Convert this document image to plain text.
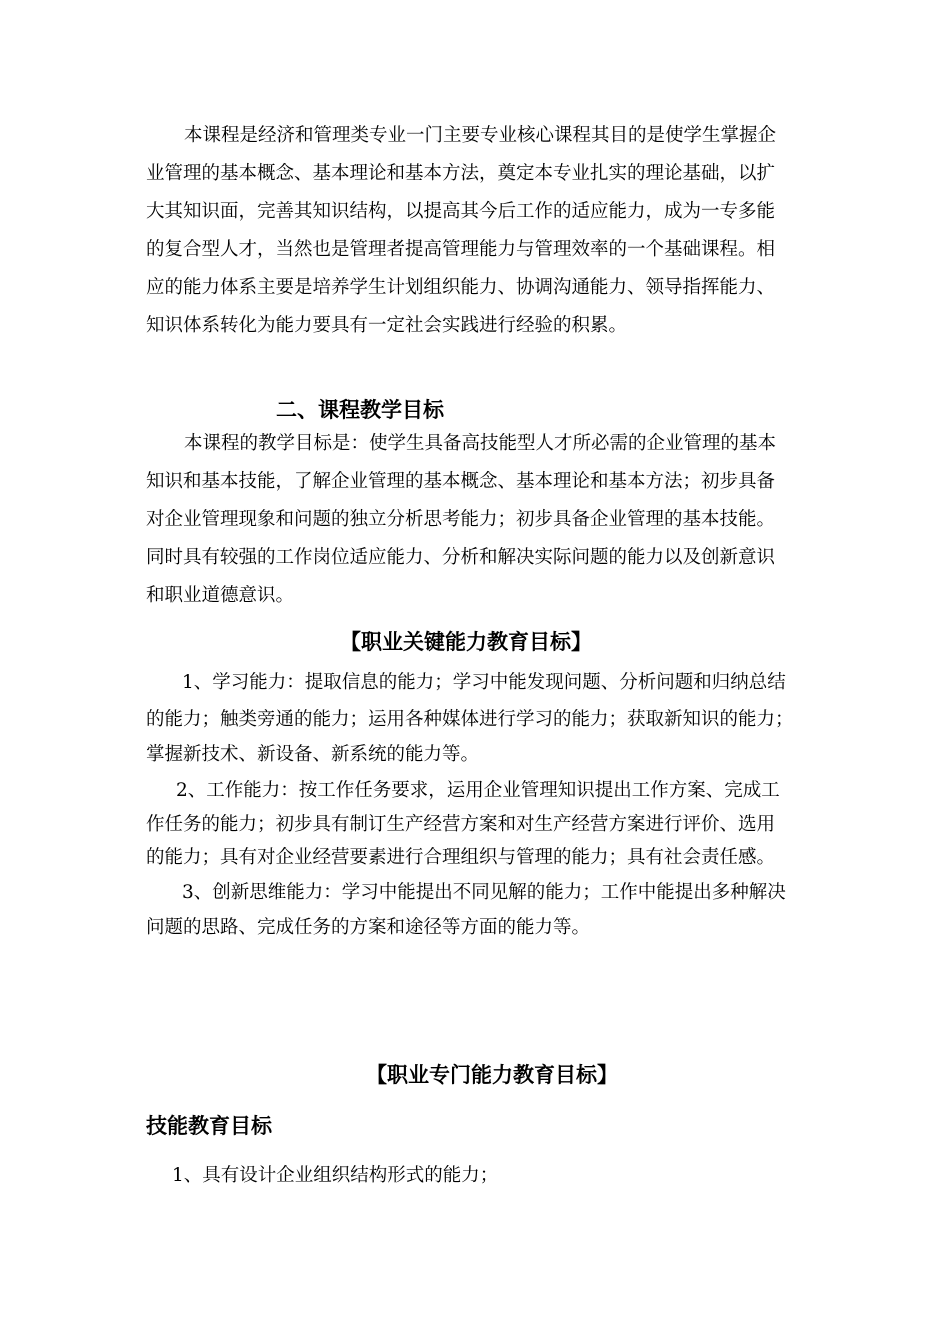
本课程是经济和管理类专业一门主要专业核心课程其目的是使学生掌握企

业管理的基本概念、基本理论和基本方法，奠定本专业扎实的理论基础，以扩

大其知识面，完善其知识结构，以提高其今后工作的适应能力，成为一专多能

的复合型人才，当然也是管理者提高管理能力与管理效率的一个基础课程。相

应的能力体系主要是培养学生计划组织能力、协调沟通能力、领导指挥能力、

知识体系转化为能力要具有一定社会实践进行经验的积累。

二、课程教学目标

本课程的教学目标是：使学生具备高技能型人才所必需的企业管理的基本

知识和基本技能，了解企业管理的基本概念、基本理论和基本方法；初步具备

对企业管理现象和问题的独立分析思考能力；初步具备企业管理的基本技能。

同时具有较强的工作岗位适应能力、分析和解决实际问题的能力以及创新意识

和职业道德意识。

【职业关键能力教育目标】

1、学习能力：提取信息的能力；学习中能发现问题、分析问题和归纳总结

的能力；触类旁通的能力；运用各种媒体进行学习的能力；获取新知识的能力；

掌握新技术、新设备、新系统的能力等。

2、工作能力：按工作任务要求，运用企业管理知识提出工作方案、完成工

作任务的能力；初步具有制订生产经营方案和对生产经营方案进行评价、选用

的能力；具有对企业经营要素进行合理组织与管理的能力；具有社会责任感。

3、创新思维能力：学习中能提出不同见解的能力；工作中能提出多种解决

问题的思路、完成任务的方案和途径等方面的能力等。

【职业专门能力教育目标】
技能教育目标

1、具有设计企业组织结构形式的能力；
